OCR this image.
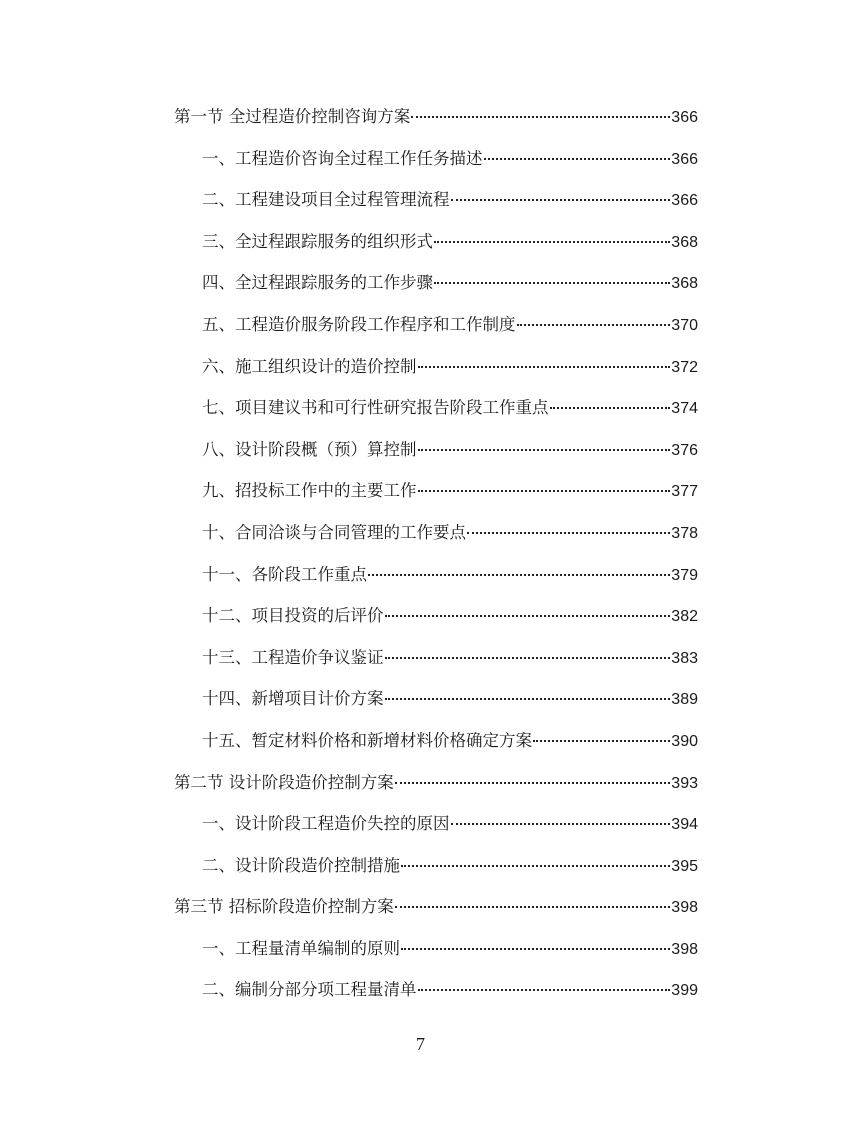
第一节 全过程造价控制咨询方案	366
一、工程造价咨询全过程工作任务描述	366
二、工程建设项目全过程管理流程	366
三、全过程跟踪服务的组织形式	368
四、全过程跟踪服务的工作步骤	368
五、工程造价服务阶段工作程序和工作制度	370
六、施工组织设计的造价控制	372
七、项目建议书和可行性研究报告阶段工作重点	374
八、设计阶段概（预）算控制	376
九、招投标工作中的主要工作	377
十、合同洽谈与合同管理的工作要点	378
十一、各阶段工作重点	379
十二、项目投资的后评价	382
十三、工程造价争议鉴证	383
十四、新增项目计价方案	389
十五、暂定材料价格和新增材料价格确定方案	390
第二节 设计阶段造价控制方案	393
一、设计阶段工程造价失控的原因	394
二、设计阶段造价控制措施	395
第三节 招标阶段造价控制方案	398
一、工程量清单编制的原则	398
二、编制分部分项工程量清单	399
7
